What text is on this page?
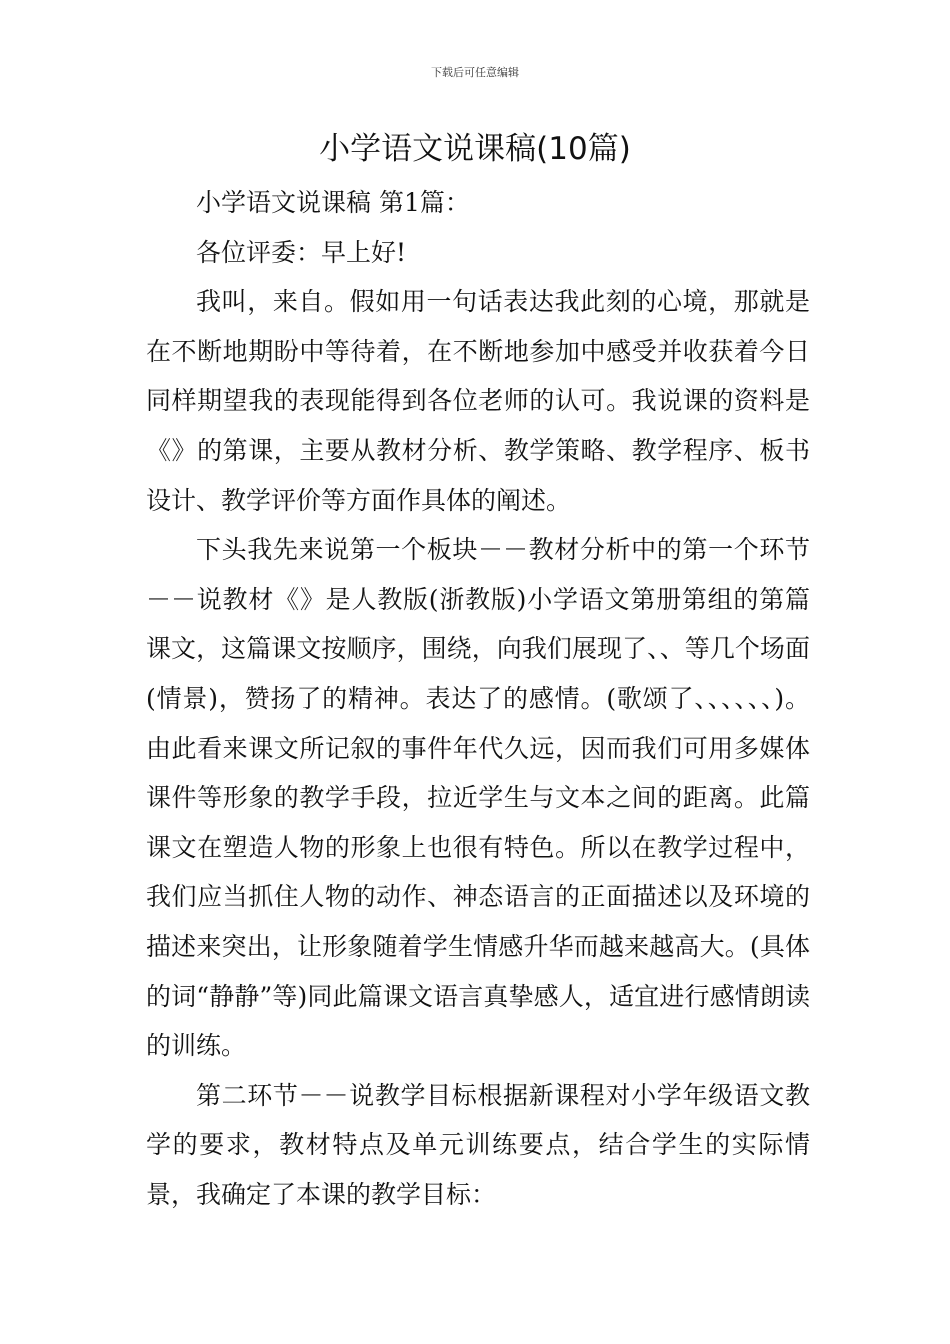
下载后可任意编辑
小学语文说课稿(10篇)

小学语文说课稿 第1篇：

各位评委：早上好!

我叫，来自。假如用一句话表达我此刻的心境，那就是在不断地期盼中等待着，在不断地参加中感受并收获着今日同样期望我的表现能得到各位老师的认可。我说课的资料是《》的第课，主要从教材分析、教学策略、教学程序、板书设计、教学评价等方面作具体的阐述。

下头我先来说第一个板块－－教材分析中的第一个环节－－说教材《》是人教版(浙教版)小学语文第册第组的第篇课文，这篇课文按顺序，围绕，向我们展现了、、等几个场面(情景)，赞扬了的精神。表达了的感情。(歌颂了、、、、、、)。由此看来课文所记叙的事件年代久远，因而我们可用多媒体课件等形象的教学手段，拉近学生与文本之间的距离。此篇课文在塑造人物的形象上也很有特色。所以在教学过程中，我们应当抓住人物的动作、神态语言的正面描述以及环境的描述来突出，让形象随着学生情感升华而越来越高大。(具体的词“静静”等)同此篇课文语言真挚感人，适宜进行感情朗读的训练。

第二环节－－说教学目标根据新课程对小学年级语文教学的要求，教材特点及单元训练要点，结合学生的实际情景，我确定了本课的教学目标：
